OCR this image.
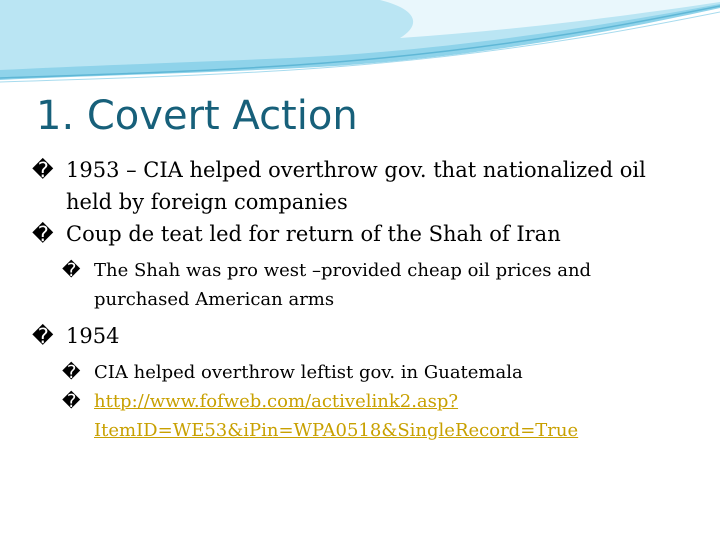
1. Covert Action
� 1953 – CIA helped overthrow gov. that nationalized oil held by foreign companies
� Coup de teat led for return of the Shah of Iran
� The Shah was pro west –provided cheap oil prices and purchased American arms
� 1954
� CIA helped overthrow leftist gov. in Guatemala
� http://www.fofweb.com/activelink2.asp?
ItemID=WE53&iPin=WPA0518&SingleRecord=True
